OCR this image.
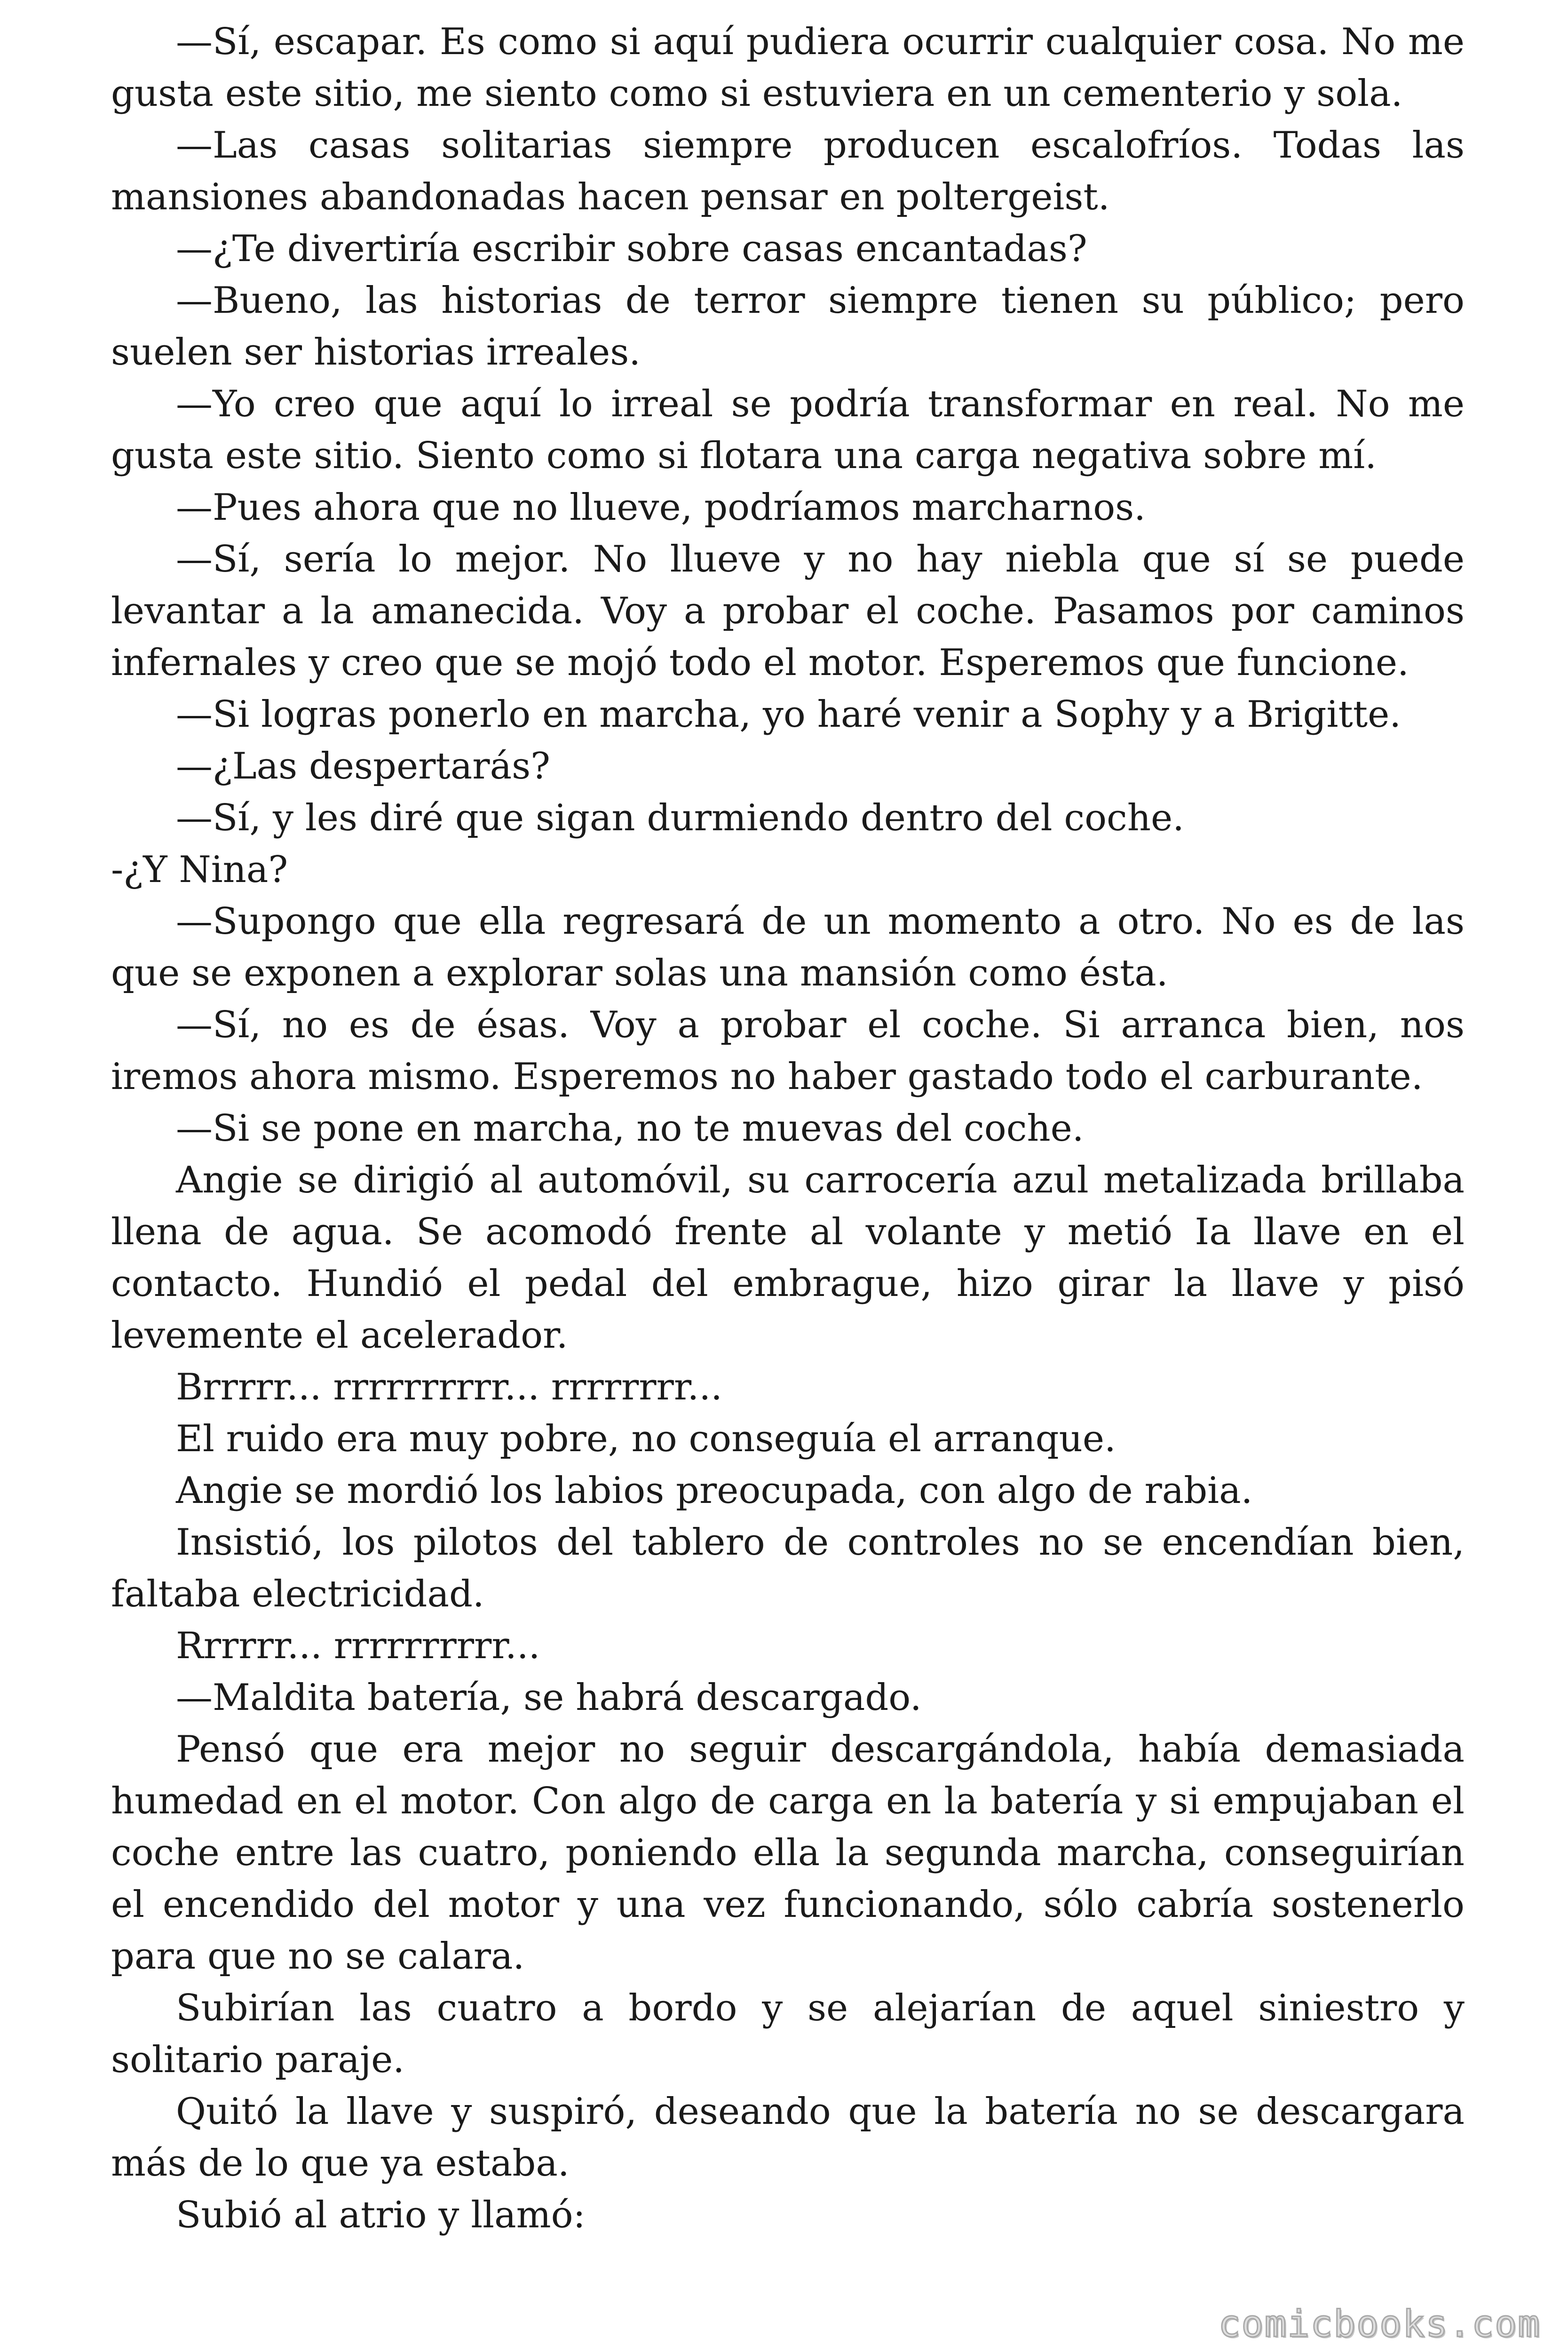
—Sí, escapar. Es como si aquí pudiera ocurrir cualquier cosa. No me gusta este sitio, me siento como si estuviera en un cementerio y sola.

—Las casas solitarias siempre producen escalofríos. Todas las mansiones abandonadas hacen pensar en poltergeist.

—¿Te divertiría escribir sobre casas encantadas?

—Bueno, las historias de terror siempre tienen su público; pero suelen ser historias irreales.

—Yo creo que aquí lo irreal se podría transformar en real. No me gusta este sitio. Siento como si flotara una carga negativa sobre mí.

—Pues ahora que no llueve, podríamos marcharnos.

—Sí, sería lo mejor. No llueve y no hay niebla que sí se puede levantar a la amanecida. Voy a probar el coche. Pasamos por caminos infernales y creo que se mojó todo el motor. Esperemos que funcione.

—Si logras ponerlo en marcha, yo haré venir a Sophy y a Brigitte.

—¿Las despertarás?

—Sí, y les diré que sigan durmiendo dentro del coche.

-¿Y Nina?

—Supongo que ella regresará de un momento a otro. No es de las que se exponen a explorar solas una mansión como ésta.

—Sí, no es de ésas. Voy a probar el coche. Si arranca bien, nos iremos ahora mismo. Esperemos no haber gastado todo el carburante.

—Si se pone en marcha, no te muevas del coche.

Angie se dirigió al automóvil, su carrocería azul metalizada brillaba llena de agua. Se acomodó frente al volante y metió Ia llave en el contacto. Hundió el pedal del embrague, hizo girar la llave y pisó levemente el acelerador.

Brrrrr... rrrrrrrrrr... rrrrrrrr...

El ruido era muy pobre, no conseguía el arranque.

Angie se mordió los labios preocupada, con algo de rabia.

Insistió, los pilotos del tablero de controles no se encendían bien, faltaba electricidad.

Rrrrrr... rrrrrrrrrr...

—Maldita batería, se habrá descargado.

Pensó que era mejor no seguir descargándola, había demasiada humedad en el motor. Con algo de carga en la batería y si empujaban el coche entre las cuatro, poniendo ella la segunda marcha, conseguirían el encendido del motor y una vez funcionando, sólo cabría sostenerlo para que no se calara.

Subirían las cuatro a bordo y se alejarían de aquel siniestro y solitario paraje.

Quitó la llave y suspiró, deseando que la batería no se descargara más de lo que ya estaba.

Subió al atrio y llamó:

comicbooks.com
